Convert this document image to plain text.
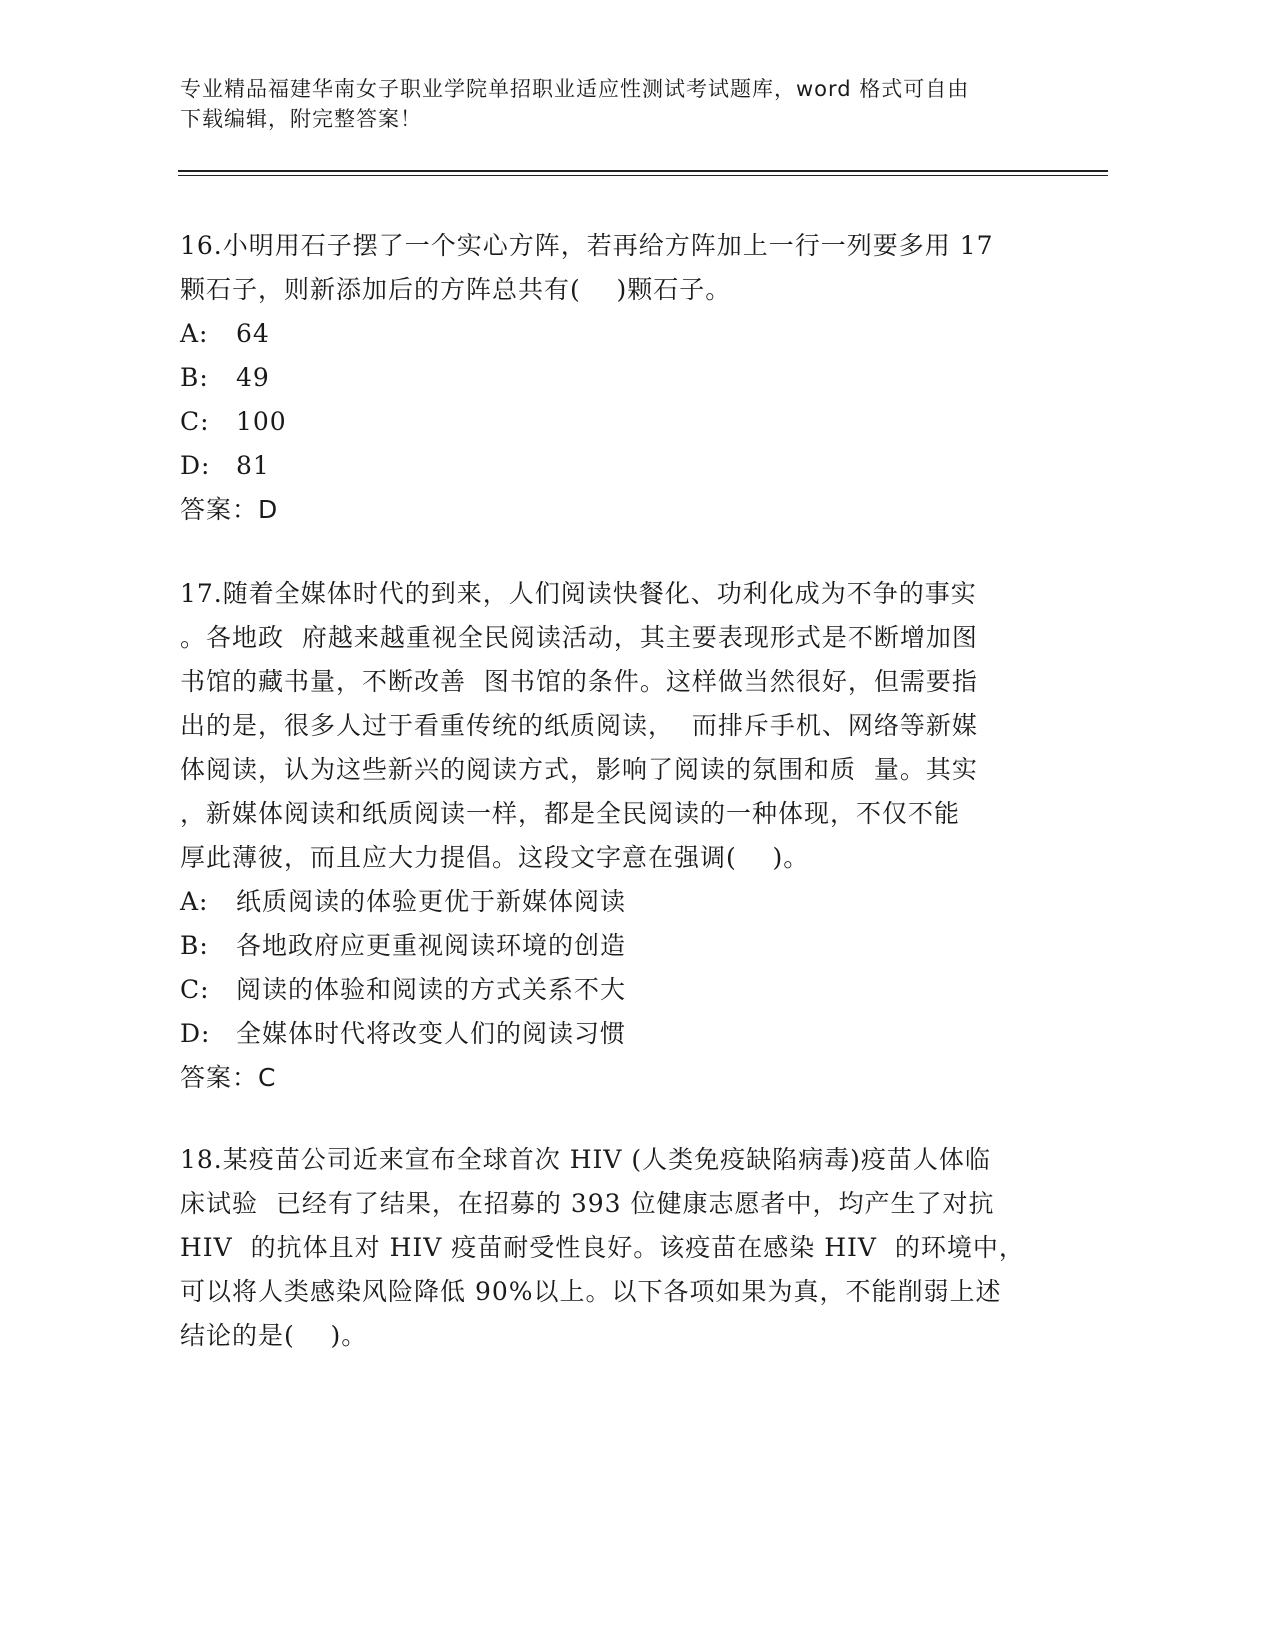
专业精品福建华南女子职业学院单招职业适应性测试考试题库，word 格式可自由
下载编辑，附完整答案！
16.小明用石子摆了一个实心方阵，若再给方阵加上一行一列要多用 17
颗石子，则新添加后的方阵总共有(    )颗石子。
A:	64
B:	49
C:	100
D:	81
答案：D
17.随着全媒体时代的到来，人们阅读快餐化、功利化成为不争的事实
。各地政  府越来越重视全民阅读活动，其主要表现形式是不断增加图
书馆的藏书量，不断改善  图书馆的条件。这样做当然很好，但需要指
出的是，很多人过于看重传统的纸质阅读，  而排斥手机、网络等新媒
体阅读，认为这些新兴的阅读方式，影响了阅读的氛围和质  量。其实
，新媒体阅读和纸质阅读一样，都是全民阅读的一种体现，不仅不能
厚此薄彼，而且应大力提倡。这段文字意在强调(    )。
A:	纸质阅读的体验更优于新媒体阅读
B:	各地政府应更重视阅读环境的创造
C:	阅读的体验和阅读的方式关系不大
D:	全媒体时代将改变人们的阅读习惯
答案：C
18.某疫苗公司近来宣布全球首次 HIV (人类免疫缺陷病毒)疫苗人体临
床试验  已经有了结果，在招募的 393 位健康志愿者中，均产生了对抗
HIV  的抗体且对 HIV 疫苗耐受性良好。该疫苗在感染 HIV  的环境中，
可以将人类感染风险降低 90%以上。以下各项如果为真，不能削弱上述
结论的是(    )。
